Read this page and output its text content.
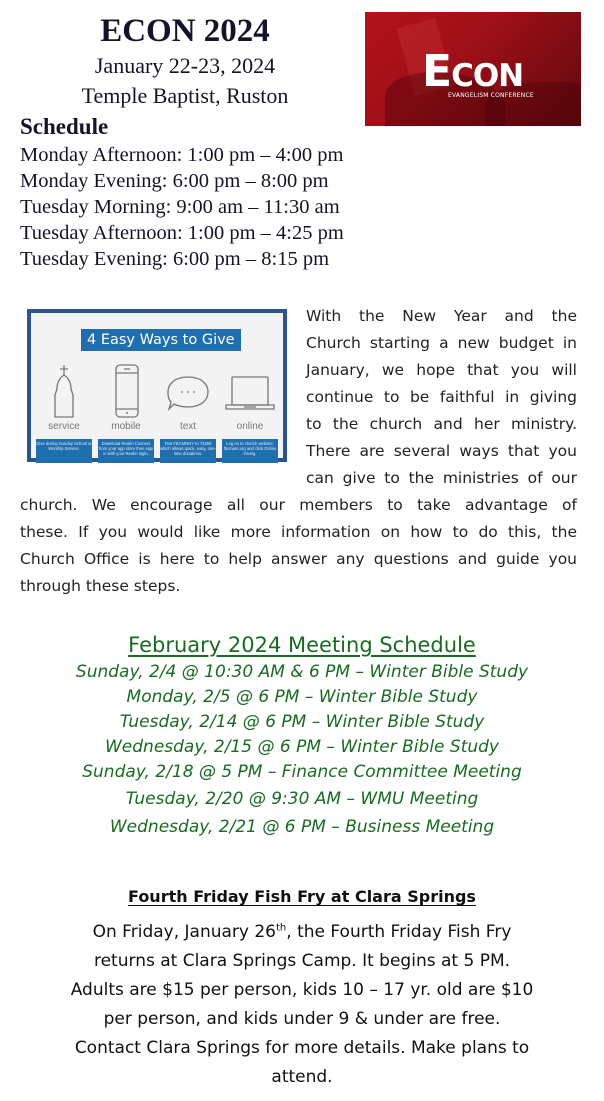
ECON 2024
January 22-23, 2024
Temple Baptist, Ruston
Schedule
Monday Afternoon: 1:00 pm – 4:00 pm
Monday Evening: 6:00 pm – 8:00 pm
Tuesday Morning: 9:00 am – 11:30 am
Tuesday Afternoon: 1:00 pm – 4:25 pm
Tuesday Evening: 6:00 pm – 8:15 pm
ECON
EVANGELISM CONFERENCE
4 Easy Ways to Give
service	mobile	text	online
Give during Sunday School or Worship Service.
Download Realm Connect from your app store then sign in with your Realm login.
Text FBCMNNY to 73256 which allows quick, easy, one-time donations.
Log on to church website: fbcmars.org and click Online Giving.
With the New Year and the
Church starting a new budget in
January, we hope that you will
continue to be faithful in giving
to the church and her ministry.
There are several ways that you
can give to the ministries of our
church. We encourage all our members to take advantage of
these. If you would like more information on how to do this, the
Church Office is here to help answer any questions and guide you
through these steps.
February 2024 Meeting Schedule
Sunday, 2/4 @ 10:30 AM & 6 PM – Winter Bible Study
Monday, 2/5 @ 6 PM – Winter Bible Study
Tuesday, 2/14 @ 6 PM – Winter Bible Study
Wednesday, 2/15 @ 6 PM – Winter Bible Study
Sunday, 2/18 @ 5 PM – Finance Committee Meeting
Tuesday, 2/20 @ 9:30 AM – WMU Meeting
Wednesday, 2/21 @ 6 PM – Business Meeting
Fourth Friday Fish Fry at Clara Springs
On Friday, January 26th, the Fourth Friday Fish Fry
returns at Clara Springs Camp. It begins at 5 PM.
Adults are $15 per person, kids 10 – 17 yr. old are $10
per person, and kids under 9 & under are free.
Contact Clara Springs for more details. Make plans to
attend.
